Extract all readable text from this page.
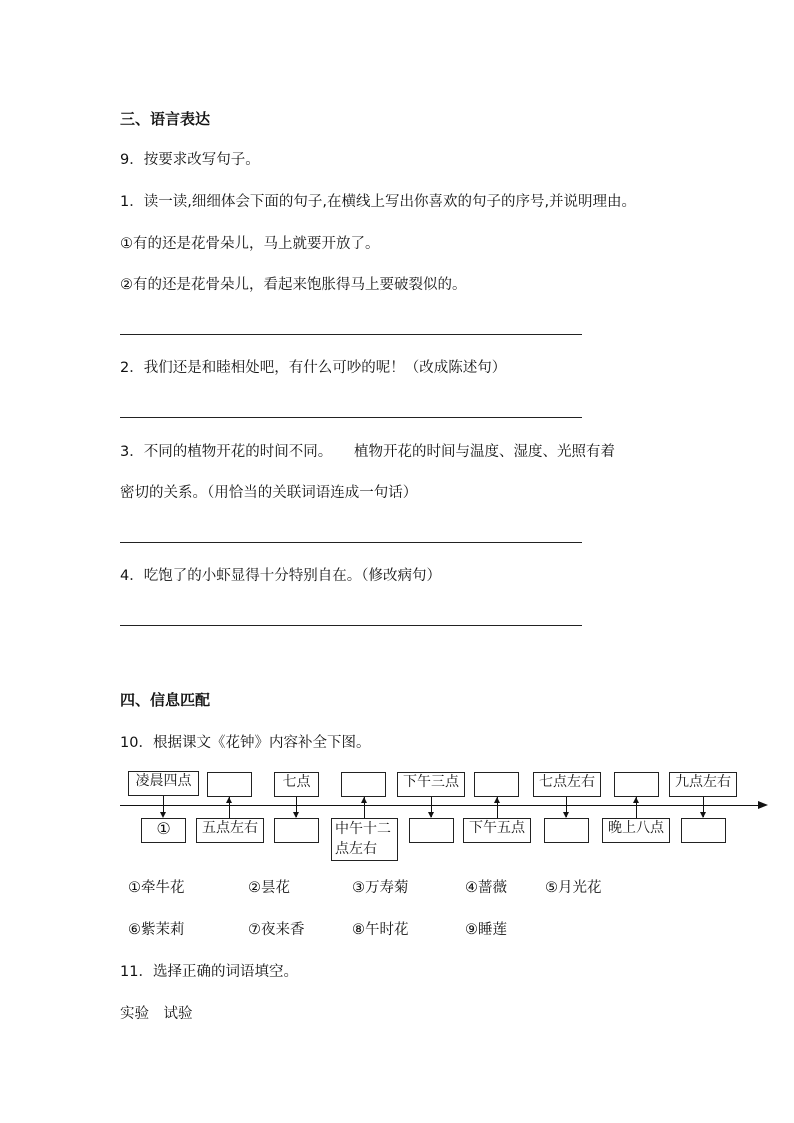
三、语言表达
9．按要求改写句子。
1．读一读,细细体会下面的句子,在横线上写出你喜欢的句子的序号,并说明理由。
①有的还是花骨朵儿，马上就要开放了。
②有的还是花骨朵儿，看起来饱胀得马上要破裂似的。
2．我们还是和睦相处吧，有什么可吵的呢！（改成陈述句）
3．不同的植物开花的时间不同。　　植物开花的时间与温度、湿度、光照有着
密切的关系。（用恰当的关联词语连成一句话）
4．吃饱了的小虾显得十分特别自在。（修改病句）
四、信息匹配
10．根据课文《花钟》内容补全下图。
凌晨四点	七点	下午三点	七点左右	九点左右
①	五点左右	中午十二点左右
下午五点	晚上八点
①牵牛花	②昙花	③万寿菊	④蔷薇	⑤月光花
⑥紫茉莉	⑦夜来香	⑧午时花	⑨睡莲
11．选择正确的词语填空。
实验　试验
